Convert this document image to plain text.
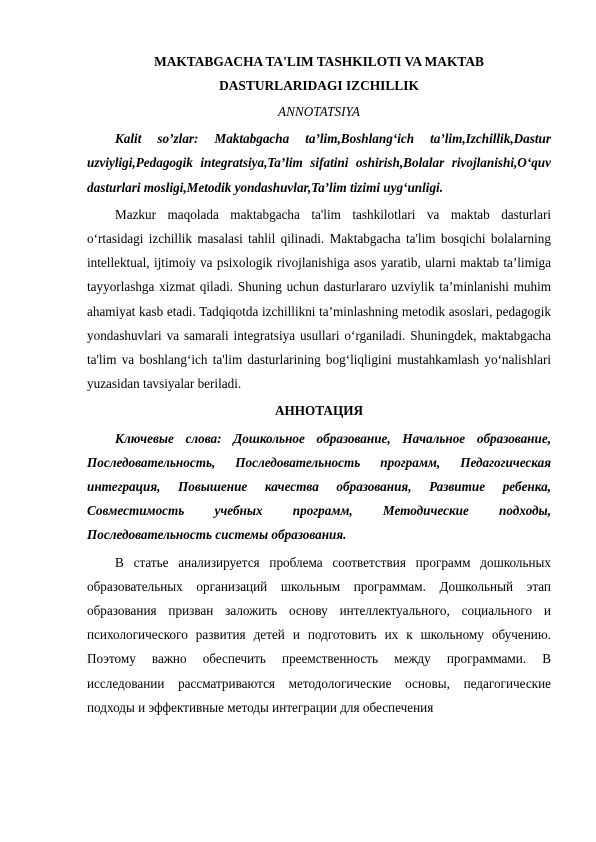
MAKTABGACHA TA'LIM TASHKILOTI VA MAKTAB
DASTURLARIDAGI IZCHILLIK
ANNOTATSIYA

Kalit so’zlar: Maktabgacha ta’lim,Boshlang‘ich ta’lim,Izchillik,Dastur uzviyligi,Pedagogik integratsiya,Ta’lim sifatini oshirish,Bolalar rivojlanishi,O‘quv dasturlari mosligi,Metodik yondashuvlar,Ta’lim tizimi uyg‘unligi.

Mazkur maqolada maktabgacha ta'lim tashkilotlari va maktab dasturlari o‘rtasidagi izchillik masalasi tahlil qilinadi. Maktabgacha ta'lim bosqichi bolalarning intellektual, ijtimoiy va psixologik rivojlanishiga asos yaratib, ularni maktab ta’limiga tayyorlashga xizmat qiladi. Shuning uchun dasturlararo uzviylik ta’minlanishi muhim ahamiyat kasb etadi. Tadqiqotda izchillikni ta’minlashning metodik asoslari, pedagogik yondashuvlari va samarali integratsiya usullari o‘rganiladi. Shuningdek, maktabgacha ta'lim va boshlang‘ich ta'lim dasturlarining bog‘liqligini mustahkamlash yo‘nalishlari yuzasidan tavsiyalar beriladi.

АННОТАЦИЯ

Ключевые слова: Дошкольное образование, Начальное образование, Последовательность, Последовательность программ, Педагогическая интеграция, Повышение качества образования, Развитие ребенка, Совместимость учебных программ, Методические подходы, Последовательность системы образования.

В статье анализируется проблема соответствия программ дошкольных образовательных организаций школьным программам. Дошкольный этап образования призван заложить основу интеллектуального, социального и психологического развития детей и подготовить их к школьному обучению. Поэтому важно обеспечить преемственность между программами. В исследовании рассматриваются методологические основы, педагогические подходы и эффективные методы интеграции для обеспечения
